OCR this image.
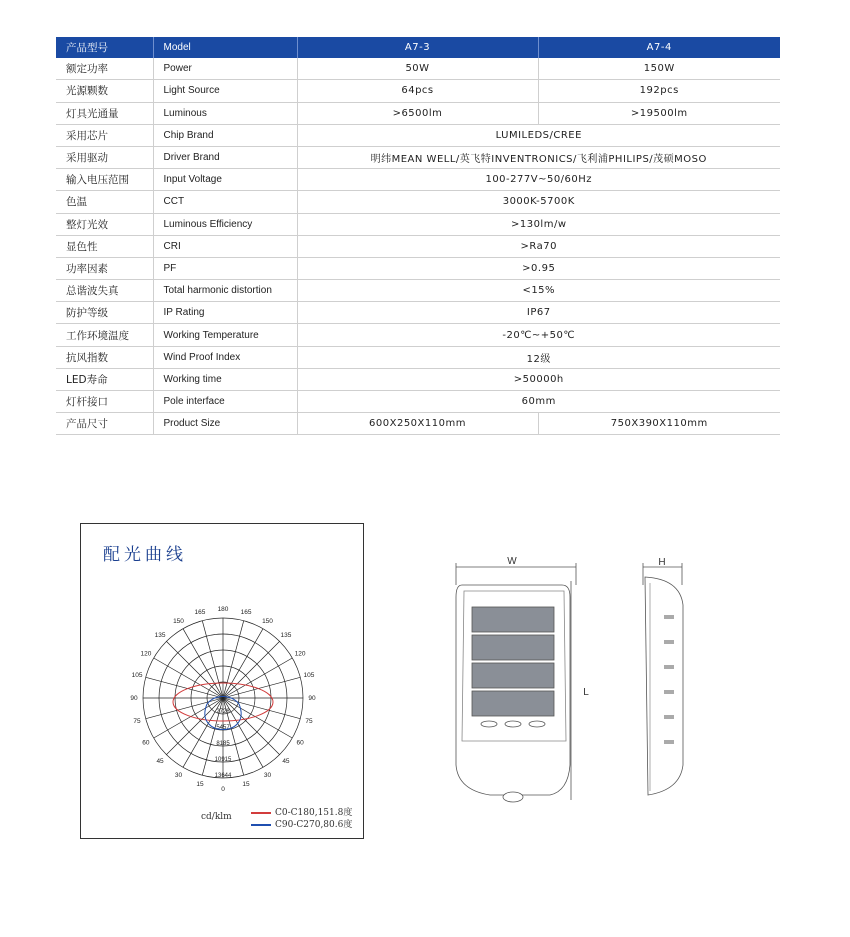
产品型号	Model	A7-3	A7-4
额定功率	Power	50W	150W
光源颗数	Light Source	64pcs	192pcs
灯具光通量	Luminous	>6500lm	>19500lm
采用芯片	Chip Brand	LUMILEDS/CREE	
采用驱动	Driver Brand	明纬MEAN WELL/英飞特INVENTRONICS/飞利浦PHILIPS/茂硕MOSO	
输入电压范围	Input Voltage	100-277V~50/60Hz	
色温	CCT	3000K-5700K	
整灯光效	Luminous Efficiency	>130lm/w	
显色性	CRI	>Ra70	
功率因素	PF	>0.95	
总谐波失真	Total harmonic distortion	<15%	
防护等级	IP Rating	IP67	
工作环境温度	Working Temperature	-20℃~+50℃	
抗风指数	Wind Proof Index	12级	
LED寿命	Working time	>50000h	
灯杆接口	Pole interface	60mm	
产品尺寸	Product Size	600X250X110mm	750X390X110mm
配光曲线
180
165	165
150	150
135	135
120	120
105	105
90	90
75	75
60	60
45	45
30	30
15	15
0
2728
5457
8185
10915
13644
cd/klm	C0-C180,151.8度
C90-C270,80.6度
W	H
L
